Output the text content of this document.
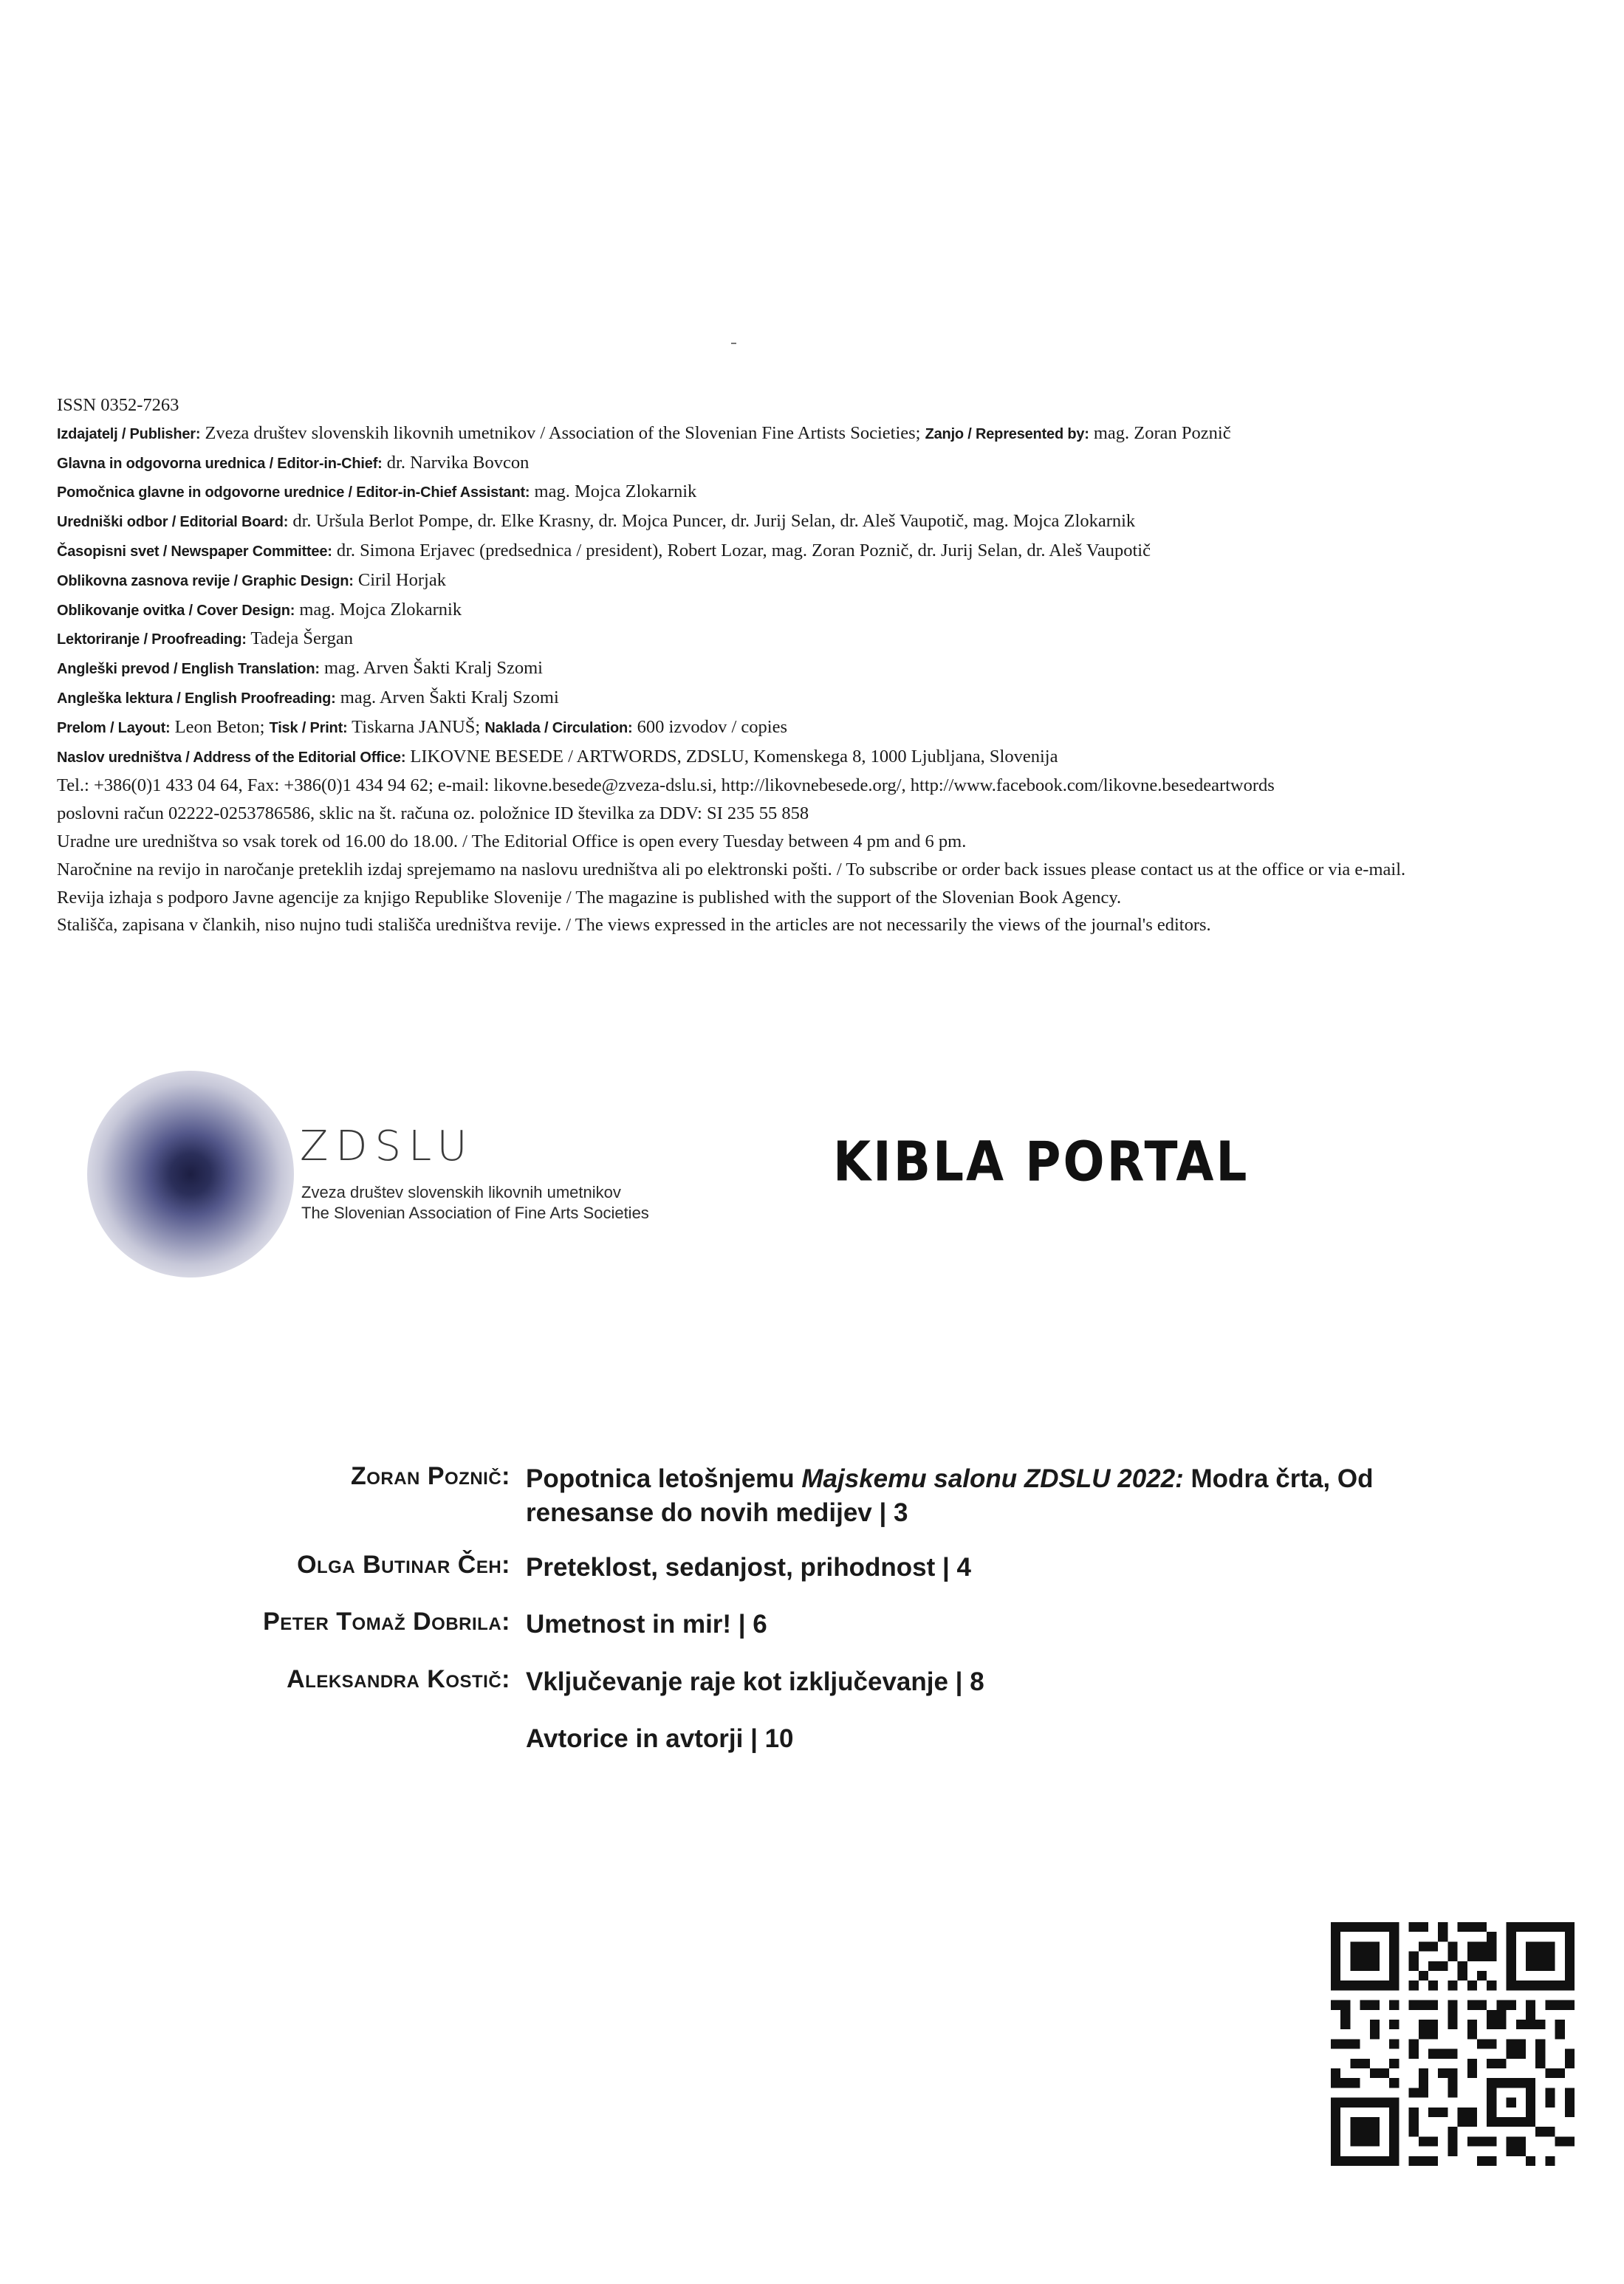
ISSN 0352-7263
Izdajatelj / Publisher: Zveza društev slovenskih likovnih umetnikov / Association of the Slovenian Fine Artists Societies; Zanjo / Represented by: mag. Zoran Poznič
Glavna in odgovorna urednica / Editor-in-Chief: dr. Narvika Bovcon
Pomočnica glavne in odgovorne urednice / Editor-in-Chief Assistant: mag. Mojca Zlokarnik
Uredniški odbor / Editorial Board: dr. Uršula Berlot Pompe, dr. Elke Krasny, dr. Mojca Puncer, dr. Jurij Selan, dr. Aleš Vaupotič, mag. Mojca Zlokarnik
Časopisni svet / Newspaper Committee: dr. Simona Erjavec (predsednica / president), Robert Lozar, mag. Zoran Poznič, dr. Jurij Selan, dr. Aleš Vaupotič
Oblikovna zasnova revije / Graphic Design: Ciril Horjak
Oblikovanje ovitka / Cover Design: mag. Mojca Zlokarnik
Lektoriranje / Proofreading: Tadeja Šergan
Angleški prevod / English Translation: mag. Arven Šakti Kralj Szomi
Angleška lektura / English Proofreading: mag. Arven Šakti Kralj Szomi
Prelom / Layout: Leon Beton; Tisk / Print: Tiskarna JANUŠ; Naklada / Circulation: 600 izvodov / copies
Naslov uredništva / Address of the Editorial Office: LIKOVNE BESEDE / ARTWORDS, ZDSLU, Komenskega 8, 1000 Ljubljana, Slovenija
Tel.: +386(0)1 433 04 64, Fax: +386(0)1 434 94 62; e-mail: likovne.besede@zveza-dslu.si, http://likovnebesede.org/, http://www.facebook.com/likovne.besedeartwords
poslovni račun 02222-0253786586, sklic na št. računa oz. položnice ID številka za DDV: SI 235 55 858
Uradne ure uredništva so vsak torek od 16.00 do 18.00. / The Editorial Office is open every Tuesday between 4 pm and 6 pm.
Naročnine na revijo in naročanje preteklih izdaj sprejemamo na naslovu uredništva ali po elektronski pošti. / To subscribe or order back issues please contact us at the office or via e-mail.
Revija izhaja s podporo Javne agencije za knjigo Republike Slovenije / The magazine is published with the support of the Slovenian Book Agency.
Stališča, zapisana v člankih, niso nujno tudi stališča uredništva revije. / The views expressed in the articles are not necessarily the views of the journal's editors.
ZDSLU
Zveza društev slovenskih likovnih umetnikov
The Slovenian Association of Fine Arts Societies
KIBLA PORTAL
Zoran Poznič: Popotnica letošnjemu Majskemu salonu ZDSLU 2022: Modra črta, Od renesanse do novih medijev | 3
Olga Butinar Čeh: Preteklost, sedanjost, prihodnost | 4
Peter Tomaž Dobrila: Umetnost in mir! | 6
Aleksandra Kostič: Vključevanje raje kot izključevanje | 8
Avtorice in avtorji | 10
